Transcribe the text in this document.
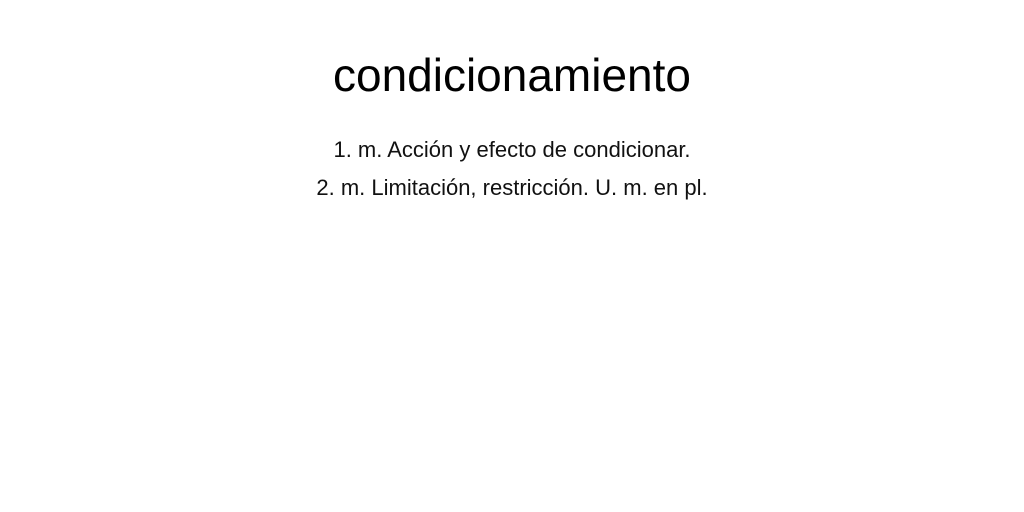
condicionamiento
1. m. Acción y efecto de condicionar.
2. m. Limitación, restricción. U. m. en pl.
